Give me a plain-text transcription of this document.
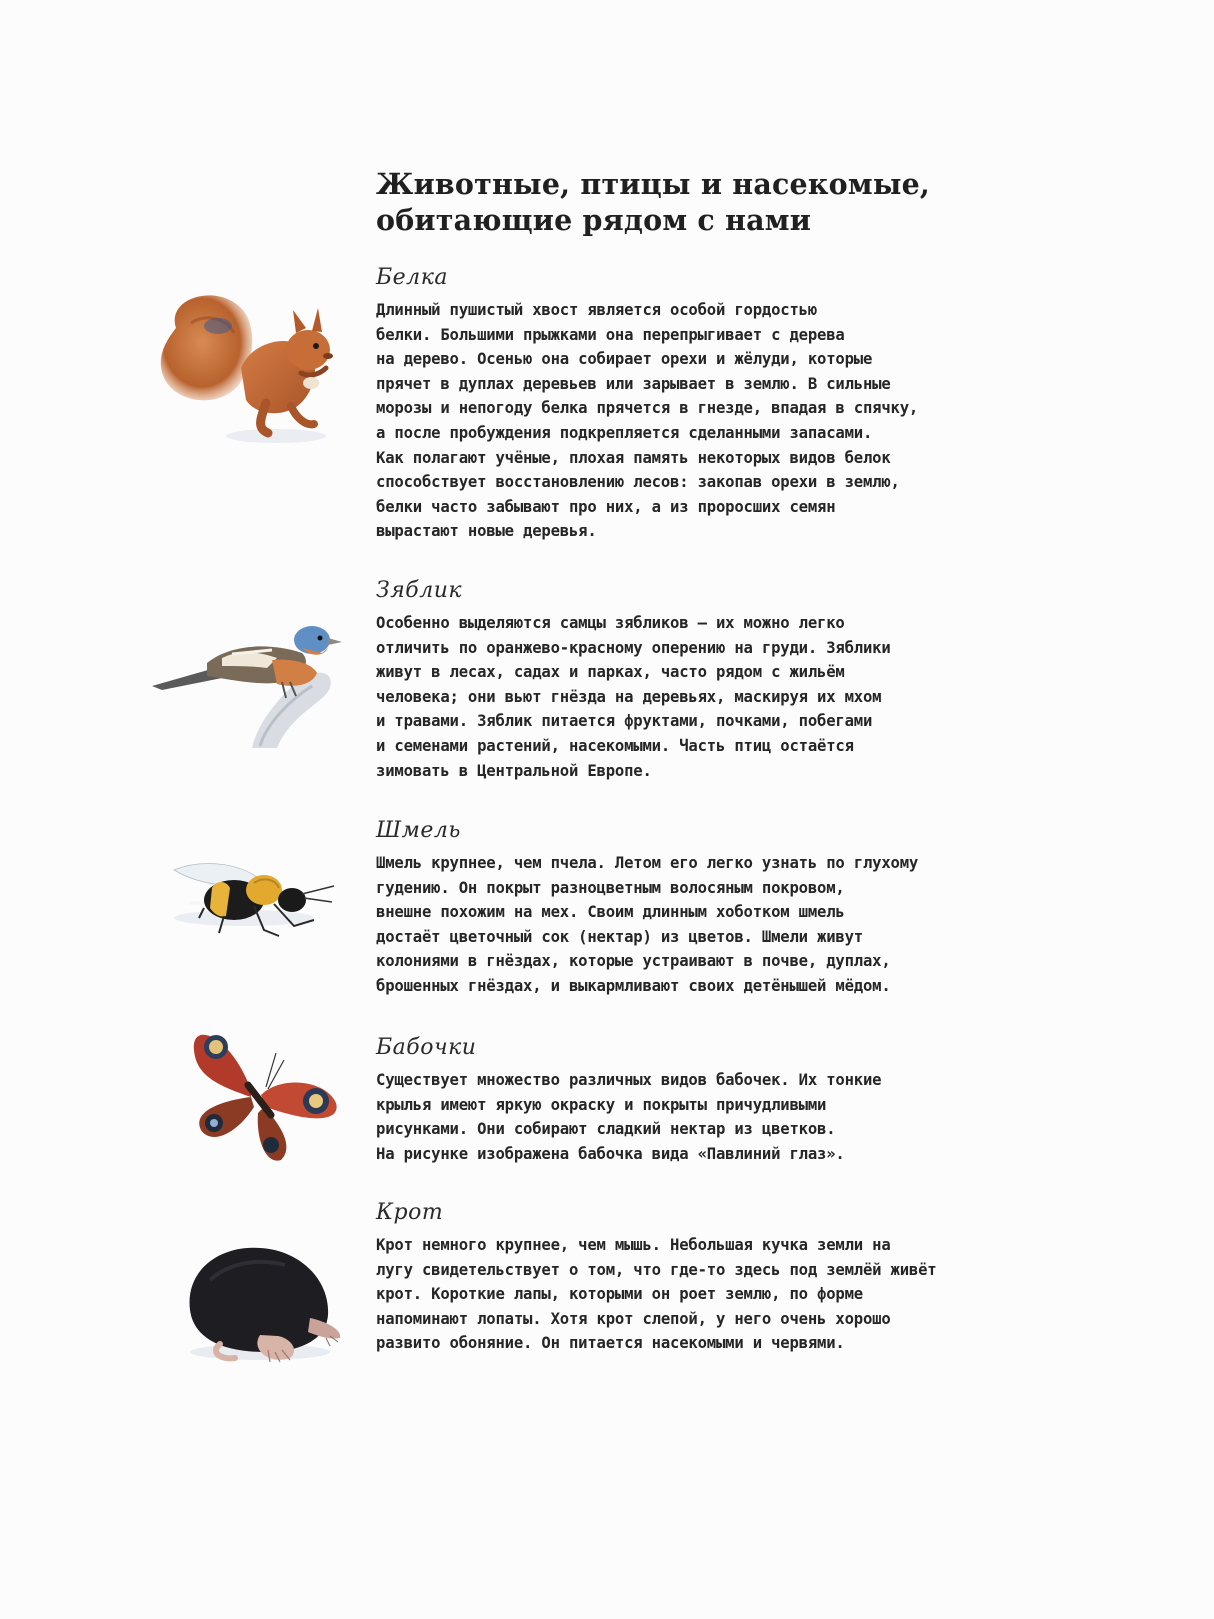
Животные, птицы и насекомые,
обитающие рядом с нами
Белка

Длинный пушистый хвост является особой гордостью
белки. Большими прыжками она перепрыгивает с дерева
на дерево. Осенью она собирает орехи и жёлуди, которые
прячет в дуплах деревьев или зарывает в землю. В сильные
морозы и непогоду белка прячется в гнезде, впадая в спячку,
а после пробуждения подкрепляется сделанными запасами.
Как полагают учёные, плохая память некоторых видов белок
способствует восстановлению лесов: закопав орехи в землю,
белки часто забывают про них, а из проросших семян
вырастают новые деревья.

Зяблик

Особенно выделяются самцы зябликов — их можно легко
отличить по оранжево-красному оперению на груди. Зяблики
живут в лесах, садах и парках, часто рядом с жильём
человека; они вьют гнёзда на деревьях, маскируя их мхом
и травами. Зяблик питается фруктами, почками, побегами
и семенами растений, насекомыми. Часть птиц остаётся
зимовать в Центральной Европе.

Шмель

Шмель крупнее, чем пчела. Летом его легко узнать по глухому
гудению. Он покрыт разноцветным волосяным покровом,
внешне похожим на мех. Своим длинным хоботком шмель
достаёт цветочный сок (нектар) из цветов. Шмели живут
колониями в гнёздах, которые устраивают в почве, дуплах,
брошенных гнёздах, и выкармливают своих детёнышей мёдом.

Бабочки

Существует множество различных видов бабочек. Их тонкие
крылья имеют яркую окраску и покрыты причудливыми
рисунками. Они собирают сладкий нектар из цветков.
На рисунке изображена бабочка вида «Павлиний глаз».

Крот

Крот немного крупнее, чем мышь. Небольшая кучка земли на
лугу свидетельствует о том, что где-то здесь под землёй живёт
крот. Короткие лапы, которыми он роет землю, по форме
напоминают лопаты. Хотя крот слепой, у него очень хорошо
развито обоняние. Он питается насекомыми и червями.
